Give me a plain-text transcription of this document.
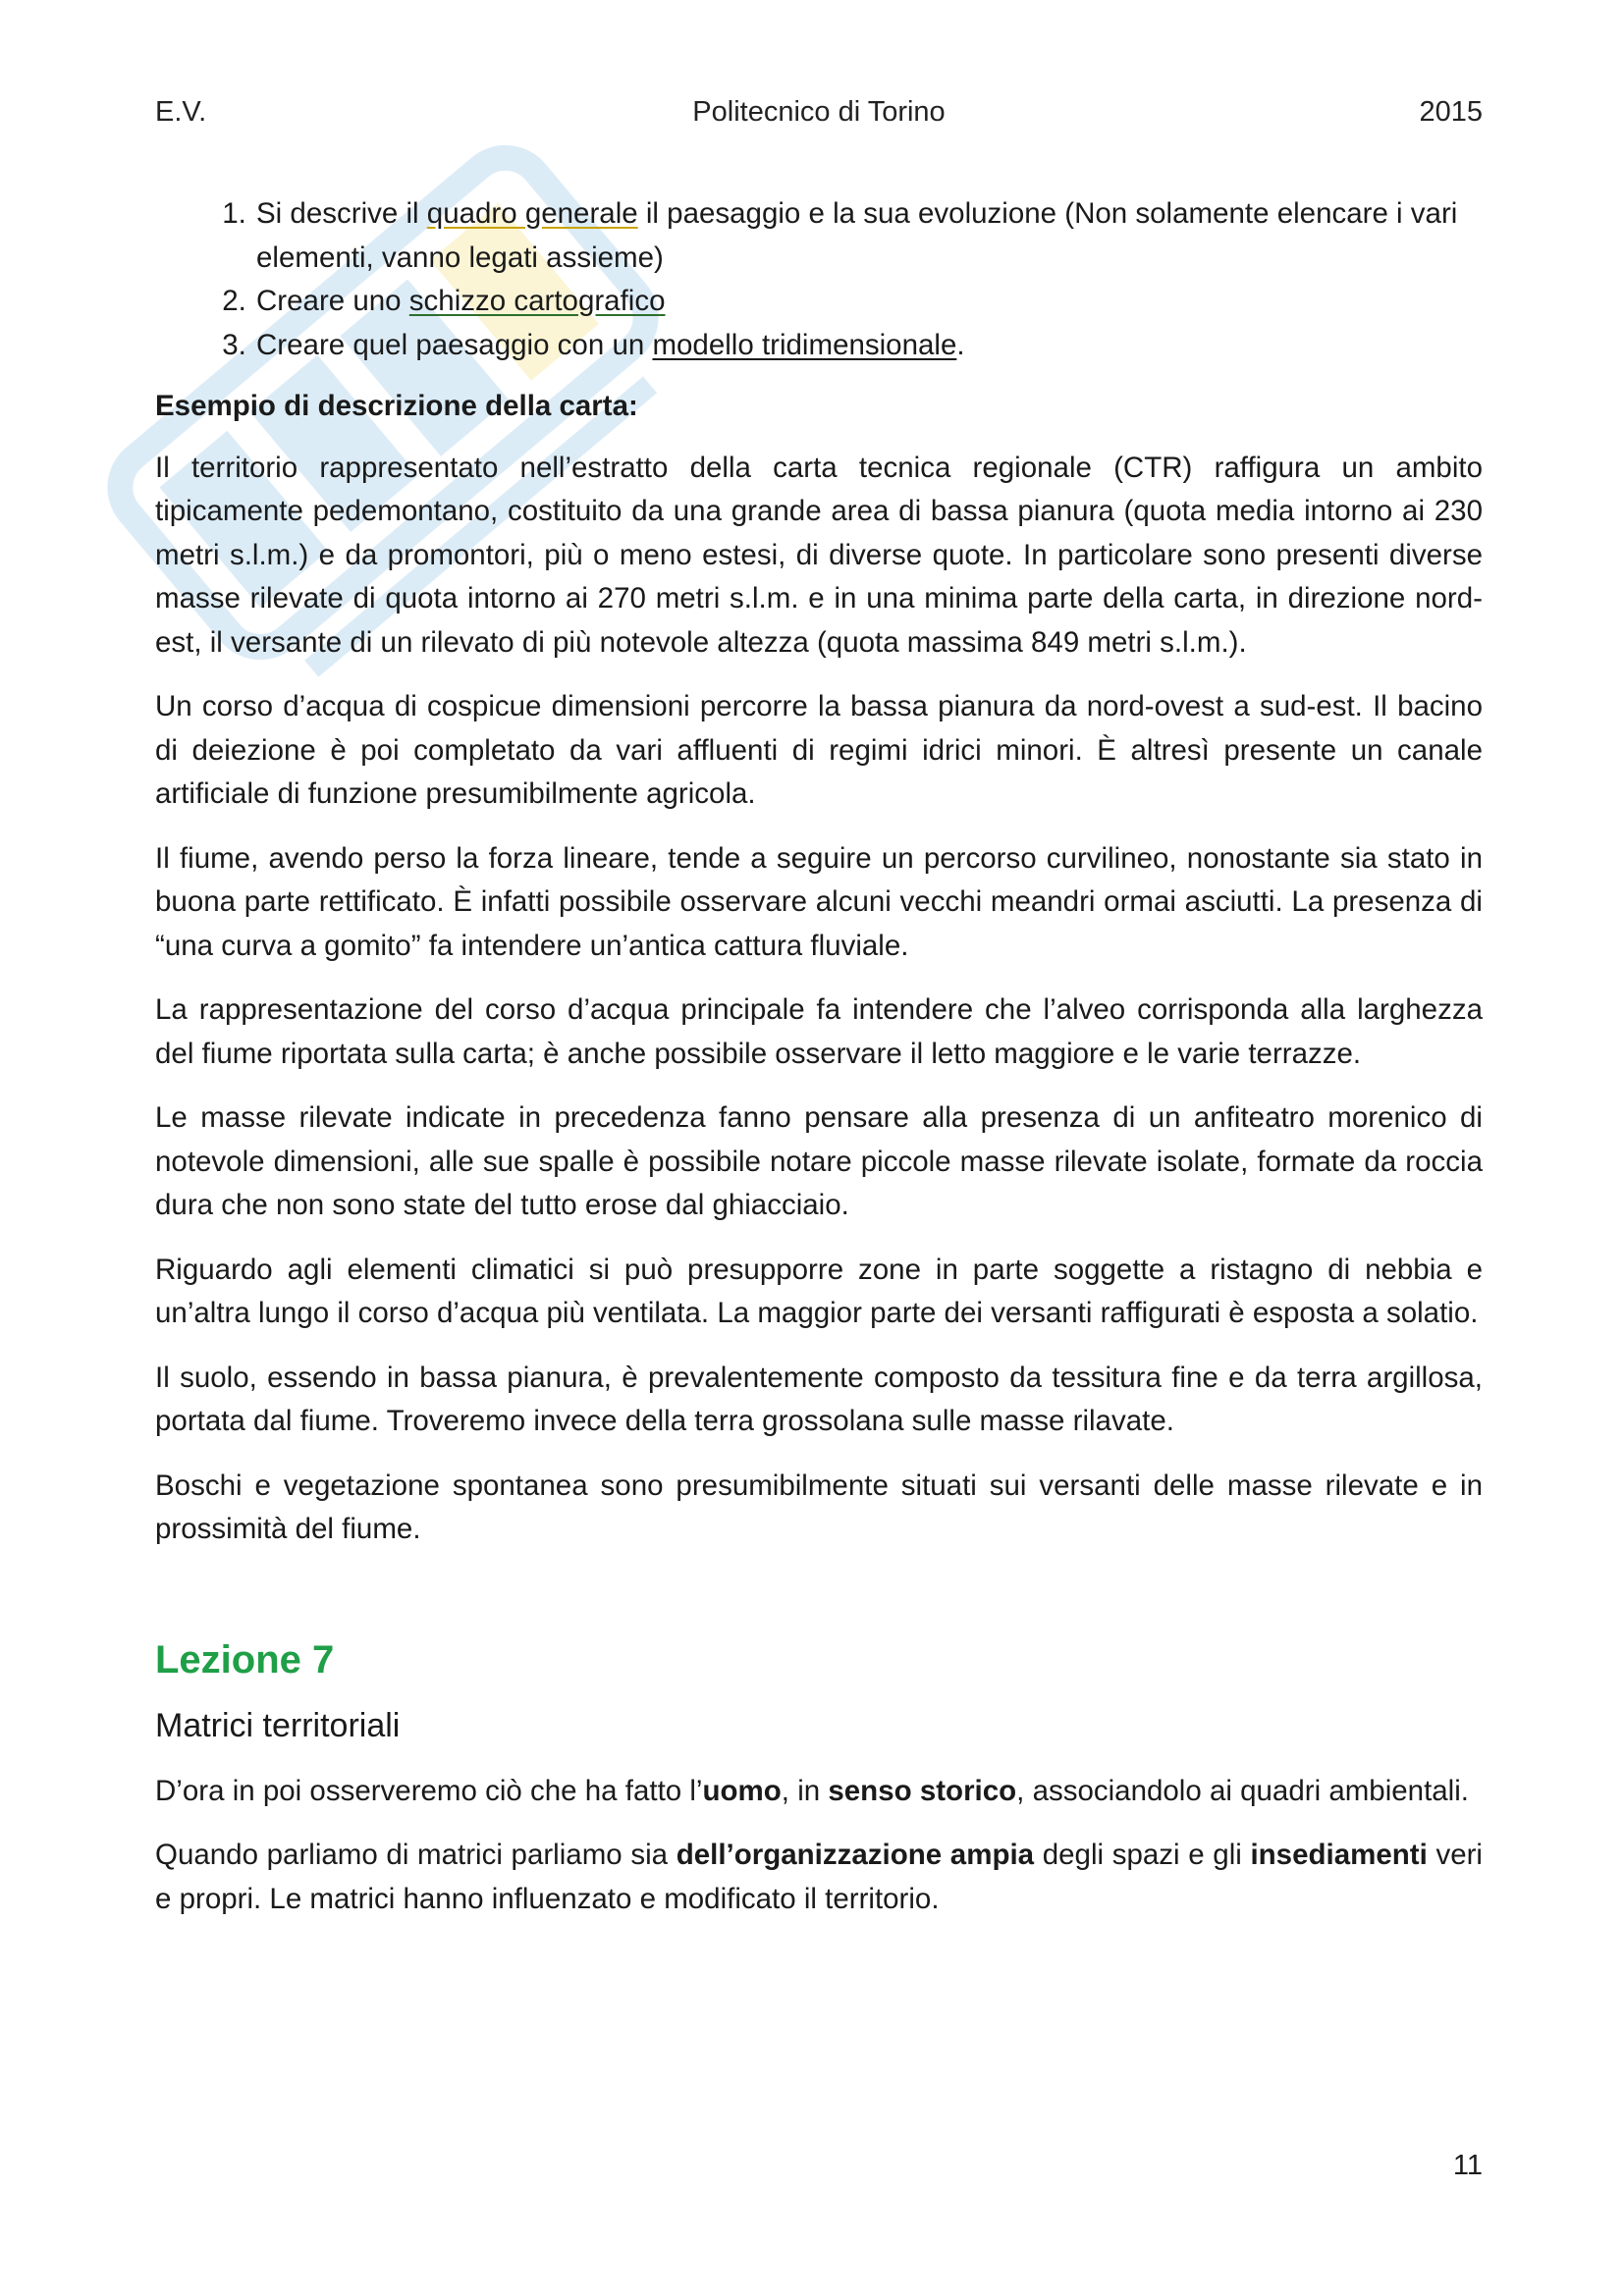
E.V.	Politecnico di Torino	2015
1. Si descrive il quadro generale il paesaggio e la sua evoluzione (Non solamente elencare i vari elementi, vanno legati assieme)
2. Creare uno schizzo cartografico
3. Creare quel paesaggio con un modello tridimensionale.
Esempio di descrizione della carta:

Il territorio rappresentato nell’estratto della carta tecnica regionale (CTR) raffigura un ambito tipicamente pedemontano, costituito da una grande area di bassa pianura (quota media intorno ai 230 metri s.l.m.) e da promontori, più o meno estesi, di diverse quote. In particolare sono presenti diverse masse rilevate di quota intorno ai 270 metri s.l.m. e in una minima parte della carta, in direzione nord-est, il versante di un rilevato di più notevole altezza (quota massima 849 metri s.l.m.).

Un corso d’acqua di cospicue dimensioni percorre la bassa pianura da nord-ovest a sud-est. Il bacino di deiezione è poi completato da vari affluenti di regimi idrici minori. È altresì presente un canale artificiale di funzione presumibilmente agricola.

Il fiume, avendo perso la forza lineare, tende a seguire un percorso curvilineo, nonostante sia stato in buona parte rettificato. È infatti possibile osservare alcuni vecchi meandri ormai asciutti. La presenza di “una curva a gomito” fa intendere un’antica cattura fluviale.

La rappresentazione del corso d’acqua principale fa intendere che l’alveo corrisponda alla larghezza del fiume riportata sulla carta; è anche possibile osservare il letto maggiore e le varie terrazze.

Le masse rilevate indicate in precedenza fanno pensare alla presenza di un anfiteatro morenico di notevole dimensioni, alle sue spalle è possibile notare piccole masse rilevate isolate, formate da roccia dura che non sono state del tutto erose dal ghiacciaio.

Riguardo agli elementi climatici si può presupporre zone in parte soggette a ristagno di nebbia e un’altra lungo il corso d’acqua più ventilata. La maggior parte dei versanti raffigurati è esposta a solatio.

Il suolo, essendo in bassa pianura, è prevalentemente composto da tessitura fine e da terra argillosa, portata dal fiume. Troveremo invece della terra grossolana sulle masse rilavate.

Boschi e vegetazione spontanea sono presumibilmente situati sui versanti delle masse rilevate e in prossimità del fiume.

Lezione 7
Matrici territoriali

D’ora in poi osserveremo ciò che ha fatto l’uomo, in senso storico, associandolo ai quadri ambientali.

Quando parliamo di matrici parliamo sia dell’organizzazione ampia degli spazi e gli insediamenti veri e propri. Le matrici hanno influenzato e modificato il territorio.

11
